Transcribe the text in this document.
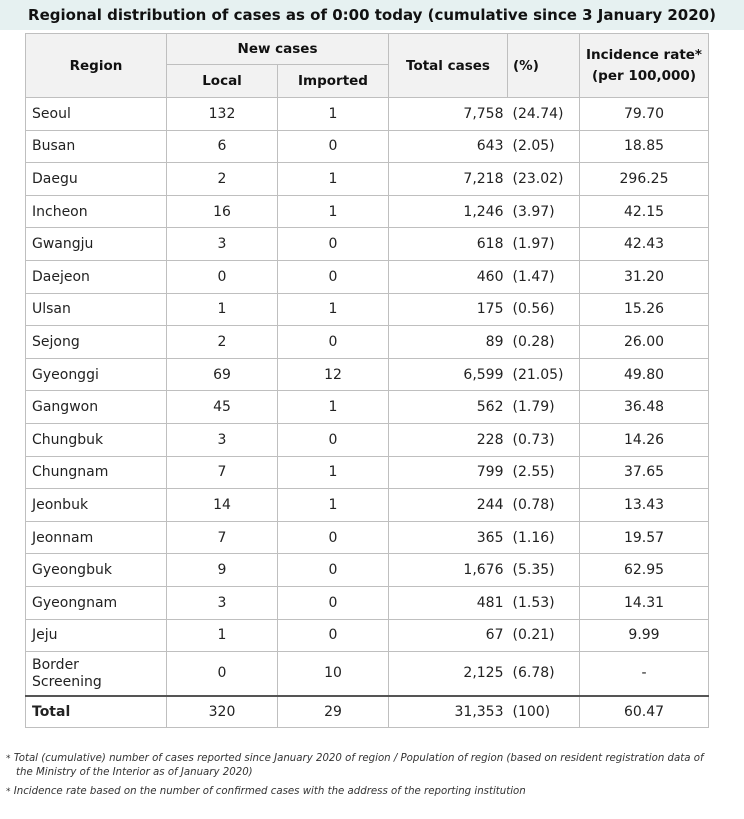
Regional distribution of cases as of 0:00 today (cumulative since 3 January 2020)
Region	New cases		Total cases	(%)	Incidence rate*
(per 100,000)

	Local	Imported			
Seoul	132	1	7,758	(24.74)	79.70
Busan	6	0	643	(2.05)	18.85
Daegu	2	1	7,218	(23.02)	296.25
Incheon	16	1	1,246	(3.97)	42.15
Gwangju	3	0	618	(1.97)	42.43
Daejeon	0	0	460	(1.47)	31.20
Ulsan	1	1	175	(0.56)	15.26
Sejong	2	0	89	(0.28)	26.00
Gyeonggi	69	12	6,599	(21.05)	49.80
Gangwon	45	1	562	(1.79)	36.48
Chungbuk	3	0	228	(0.73)	14.26
Chungnam	7	1	799	(2.55)	37.65
Jeonbuk	14	1	244	(0.78)	13.43
Jeonnam	7	0	365	(1.16)	19.57
Gyeongbuk	9	0	1,676	(5.35)	62.95
Gyeongnam	3	0	481	(1.53)	14.31
Jeju	1	0	67	(0.21)	9.99

Border
Screening	0	10	2,125	(6.78)	-
Total	320	29	31,353	(100)	60.47
* Total (cumulative) number of cases reported since January 2020 of region / Population of region (based on resident registration data of
the Ministry of the Interior as of January 2020)
* Incidence rate based on the number of confirmed cases with the address of the reporting institution
